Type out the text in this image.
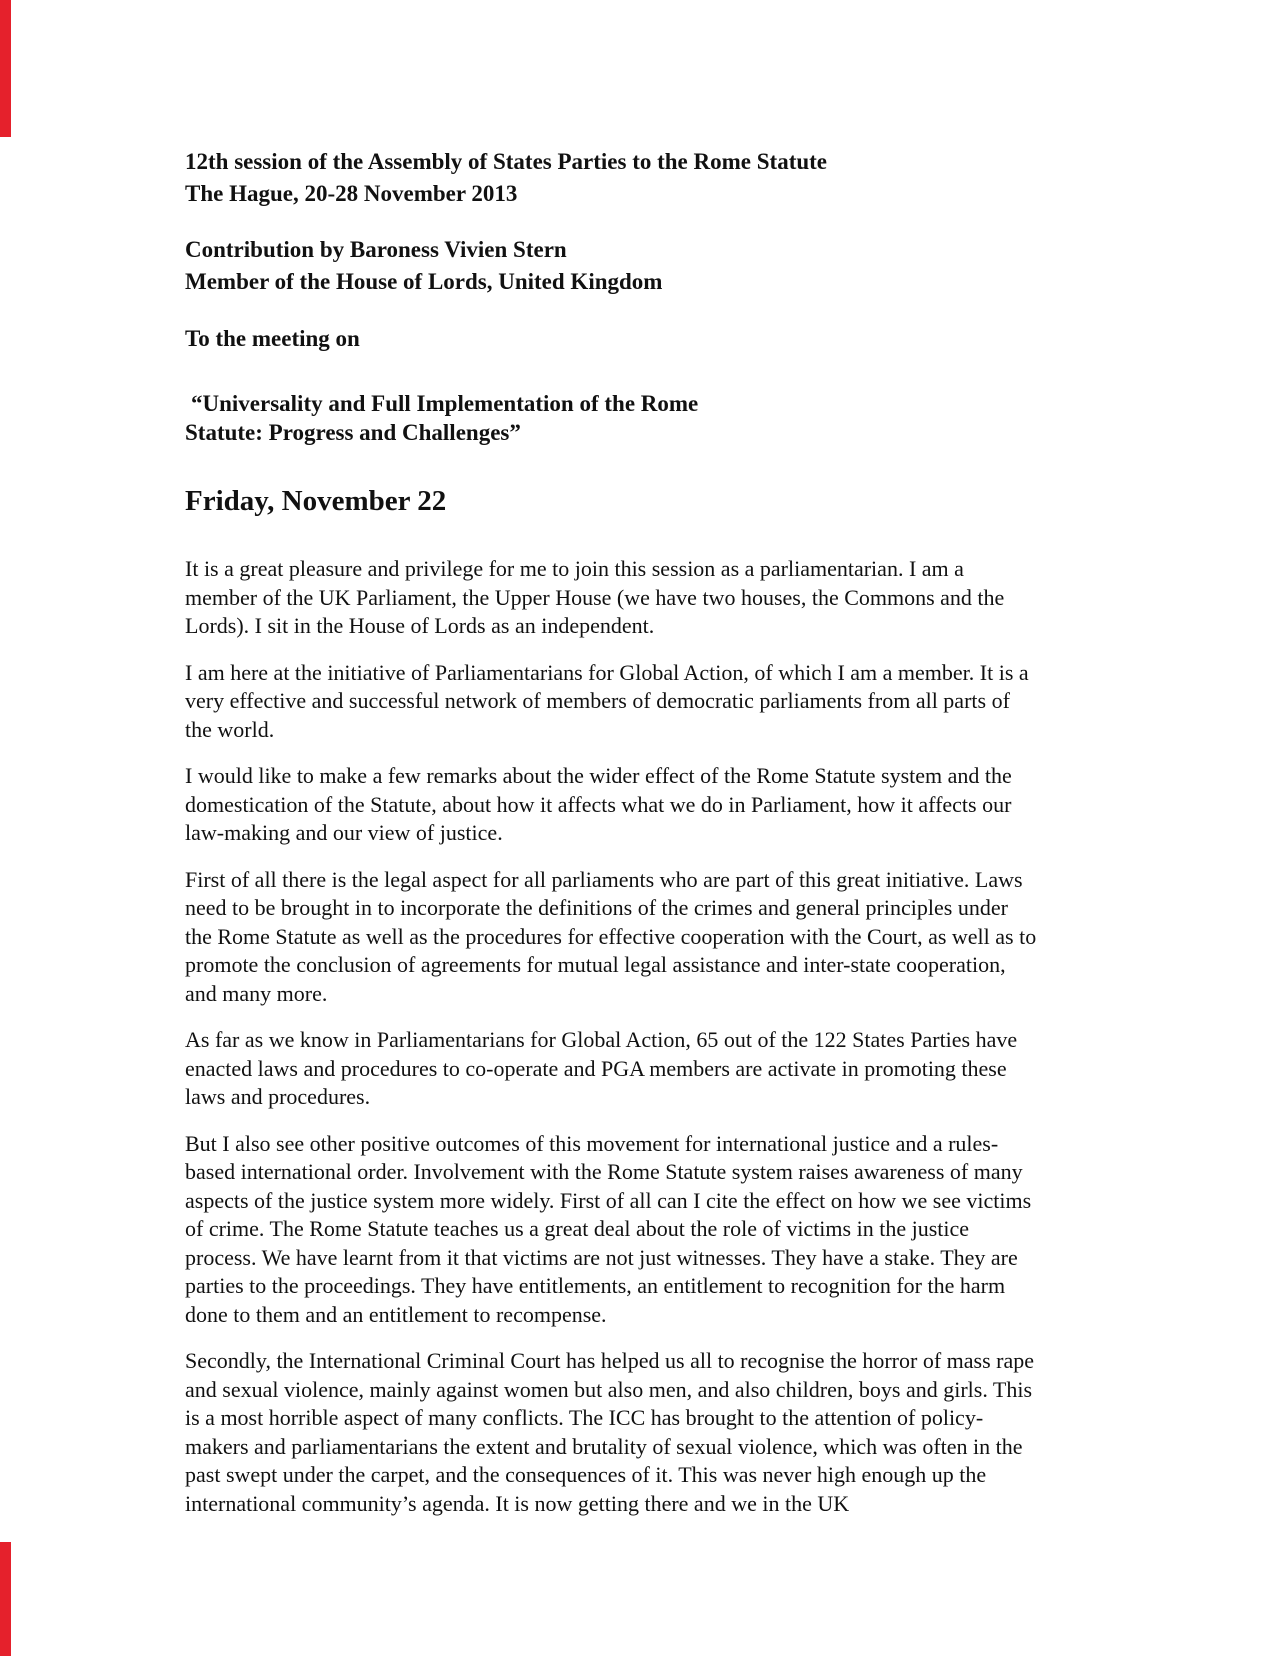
12th session of the Assembly of States Parties to the Rome Statute
The Hague, 20-28 November 2013
Contribution by Baroness Vivien Stern
Member of the House of Lords, United Kingdom
To the meeting on
“Universality and Full Implementation of the Rome
Statute: Progress and Challenges”
Friday, November 22

It is a great pleasure and privilege for me to join this session as a parliamentarian. I am a member of the UK Parliament, the Upper House (we have two houses, the Commons and the Lords). I sit in the House of Lords as an independent.

I am here at the initiative of Parliamentarians for Global Action, of which I am a member. It is a very effective and successful network of members of democratic parliaments from all parts of the world.

I would like to make a few remarks about the wider effect of the Rome Statute system and the domestication of the Statute, about how it affects what we do in Parliament, how it affects our law-making and our view of justice.

First of all there is the legal aspect for all parliaments who are part of this great initiative. Laws need to be brought in to incorporate the definitions of the crimes and general principles under the Rome Statute as well as the procedures for effective cooperation with the Court, as well as to promote the conclusion of agreements for mutual legal assistance and inter-state cooperation, and many more.

As far as we know in Parliamentarians for Global Action, 65 out of the 122 States Parties have enacted laws and procedures to co-operate and PGA members are activate in promoting these laws and procedures.

But I also see other positive outcomes of this movement for international justice and a rules-based international order. Involvement with the Rome Statute system raises awareness of many aspects of the justice system more widely. First of all can I cite the effect on how we see victims of crime. The Rome Statute teaches us a great deal about the role of victims in the justice process. We have learnt from it that victims are not just witnesses. They have a stake. They are parties to the proceedings. They have entitlements, an entitlement to recognition for the harm done to them and an entitlement to recompense.

Secondly, the International Criminal Court has helped us all to recognise the horror of mass rape and sexual violence, mainly against women but also men, and also children, boys and girls. This is a most horrible aspect of many conflicts. The ICC has brought to the attention of policy-makers and parliamentarians the extent and brutality of sexual violence, which was often in the past swept under the carpet, and the consequences of it. This was never high enough up the international community’s agenda. It is now getting there and we in the UK
